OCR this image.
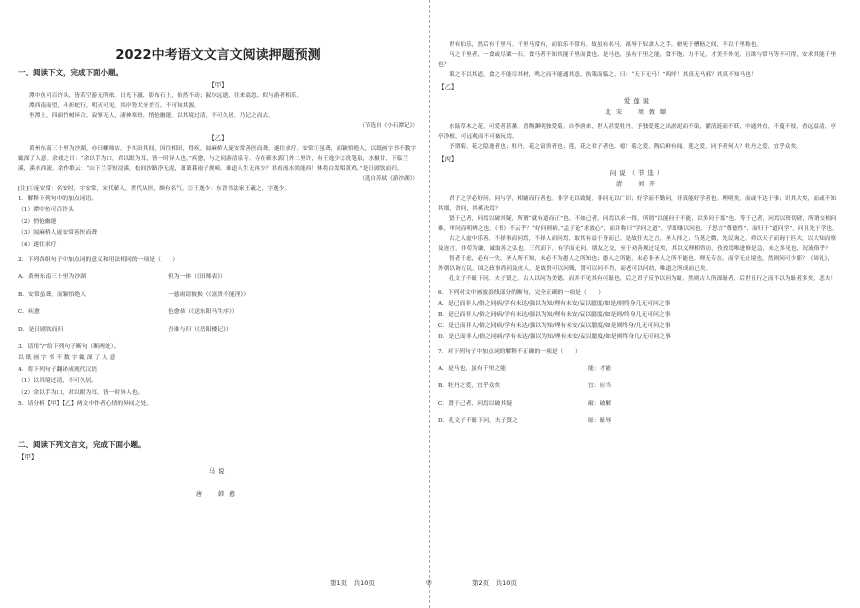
2022中考语文文言文阅读押题预测
一、阅读下文，完成下面小题。
【甲】

潭中鱼可百许头，皆若空游无所依。日光下澈，影布石上，佁然不动；俶尔远逝，往来翕忽。似与游者相乐。

潭西南而望，斗折蛇行，明灭可见。其岸势犬牙差互，不可知其源。

坐潭上，四面竹树环合，寂寥无人，凄神寒骨，悄怆幽邃。以其境过清，不可久居，乃记之而去。

（节选自《小石潭记》）

【乙】

黄州东南三十里为沙湖，亦曰螺师店。予买田其间，因往相田，得疾。闻麻桥人庞安常善医而聋，遂往求疗。安常①虽聋，而颖悟绝人，以纸画字书不数字辄深了人意。余戏之曰：“余以手为口，君以眼为耳，皆一时异人也。”疾愈，与之同游清泉寺。寺在蕲水郭门外二里许，有王逸少②洗笔泉，水极甘，下临兰溪，溪水西流。余作歌云：“山下兰芽短浸溪，松间沙路净无泥，萧萧暮雨子规啼。谁道人生无再少？君看流水尚能西！休将白发唱黄鸡。”是日剧饮而归。

（选自苏轼《游沙湖》）

[注]①庞安常：名安时，字安常，宋代蕲人，世代从医，颇有名气。②王逸少：东晋书法家王羲之，字逸少。

1．解释下列句中的加点词语。

（1）潭中鱼可百许头

（2）悄怆幽邃

（3）闻麻桥人庞安常善医而聋

（4）遂往求疗

2．下列各组句子中加点词的意义和用法相同的一项是（　　）

A．黄州东南三十里为沙湖	但为一体（《田师表》）
B．安常虽聋，而颖悟绝人	一慈雨请彼损（《富贵不能淫》）
C．疾愈	色愈恭（《送东阳马生序》）
D．是日剧饮而归	吾谁与归（《岳阳楼记》）

3．请用“/”给下列句子断句（断两处）。

以 纸 画 字 书 不 数 字 辄 深 了 人 意

4．将下列句子翻译成现代汉语

（1）以其境过清，不可久居。

（2）余以手为口，君以眼为耳，皆一时异人也。

5．请分析【甲】【乙】两文中作者心情的异同之处。

二、阅读下列文言文，完成下面小题。
【甲】
马说
唐　韩愈

世有伯乐，然后有千里马。千里马常有，而伯乐不常有。故虽有名马，祇辱于奴隶人之手，骈死于槽枥之间，不以千里称也。

马之千里者，一食或尽粟一石。食马者不知其能千里而食也。是马也，虽有千里之能，食不饱，力不足，才美不外见，且欲与常马等不可得，安求其能千里也？

策之不以其道，食之不能尽其材，鸣之而不能通其意，执策而临之，曰：“天下无马！”呜呼！其真无马邪？其真不知马也！

【乙】
爱莲说
北宋　周敦颐

水陆草木之花，可爱者甚蕃。晋陶渊明独爱菊。自李唐来，世人甚爱牡丹。予独爱莲之出淤泥而不染，濯清涟而不妖，中通外直，不蔓不枝，香远益清，亭亭净植，可远观而不可亵玩焉。

予谓菊，花之隐逸者也；牡丹，花之富贵者也；莲，花之君子者也。噫！菊之爱，陶后鲜有闻。莲之爱，同予者何人？牡丹之爱，宜乎众矣。

【丙】
问说（节选）
清　刘开

君子之学必好问。问与学，相辅而行者也。非学无以致疑，非问无以广识；好学而不勤问，非真能好学者也。理明矣，而或不达于事；识其大矣，而或不知其细，舍问，其奚决焉？

贤于己者，问焉以破其疑，所谓“就有道而正”也。不如己者，问焉以求一得，所谓“以能问于不能，以多问于寡”也。等于己者，问焉以资切磋，所谓交相问难，审问而明辨之也。《书》不云乎？“好问则裕。”孟子论“求放心”，而并称曰“学问之道”，学即继以问也。子思言“尊德性”，而归于“道问学”，问且先于学也。

古之人虚中乐善，不择事而问焉，不择人而问焉，取其有益于身而已。是故狂夫之言，圣人择之；刍荛之微，先民询之。舜以天子而询于匹夫，以大知而察及迩言，非苟为谦，诚取善之弘也。三代而下，有学而无问，朋友之交，至于劝善规过足矣，其以义理相咨访，孜孜焉唯进修是急，未之多见也，况流俗乎？

智者千虑，必有一失。圣人所不知，未必不为愚人之所知也；愚人之所能，未必非圣人之所不能也。理无专在，而学无止境也，然则问可少耶？《周礼》，外朝以询万民，国之政事尚问及庶人，是故贵可以问贱，贤可以问不肖，而老可以问幼，唯道之所成而已矣。

孔文子不耻下问，夫子贤之。古人以问为美德，而并不见其有可耻也，后之君子反争以问为耻，然则古人所深耻者，后世且行之而不以为耻者多矣，悲夫！

6．下列对文中画波浪线部分的断句，完全正确的一项是（　　）

A．是已而非人/俗之同病/学有未达/强以为知/理有未安/妄以臆度/如是/则终身几无可问之事

B．是已而非人/俗之同病/学有未达/强以为知/理有未安/妄以臆度/如是则/终身几无可问之事

C．是已而非人/俗之同病/学有未达/强以为知/理有未安/妄以臆度/如是则终身/几无可问之事

D．是已而非人/俗之同病/学有未达/强以为知/理有未安/妄以臆度/如是则终身几/无可问之事

7．对下列句子中加点词的解释不正确的一项是（　　）

A．是马也，虽有千里之能	能：才能
B．牡丹之爱，宜乎众矣	宜：应当
C．贤于己者，问焉以破其疑	破：破解
D．孔文子不耻下问，夫子贤之	耻：耻辱
第1页　共10页	◎	第2页　共10页
